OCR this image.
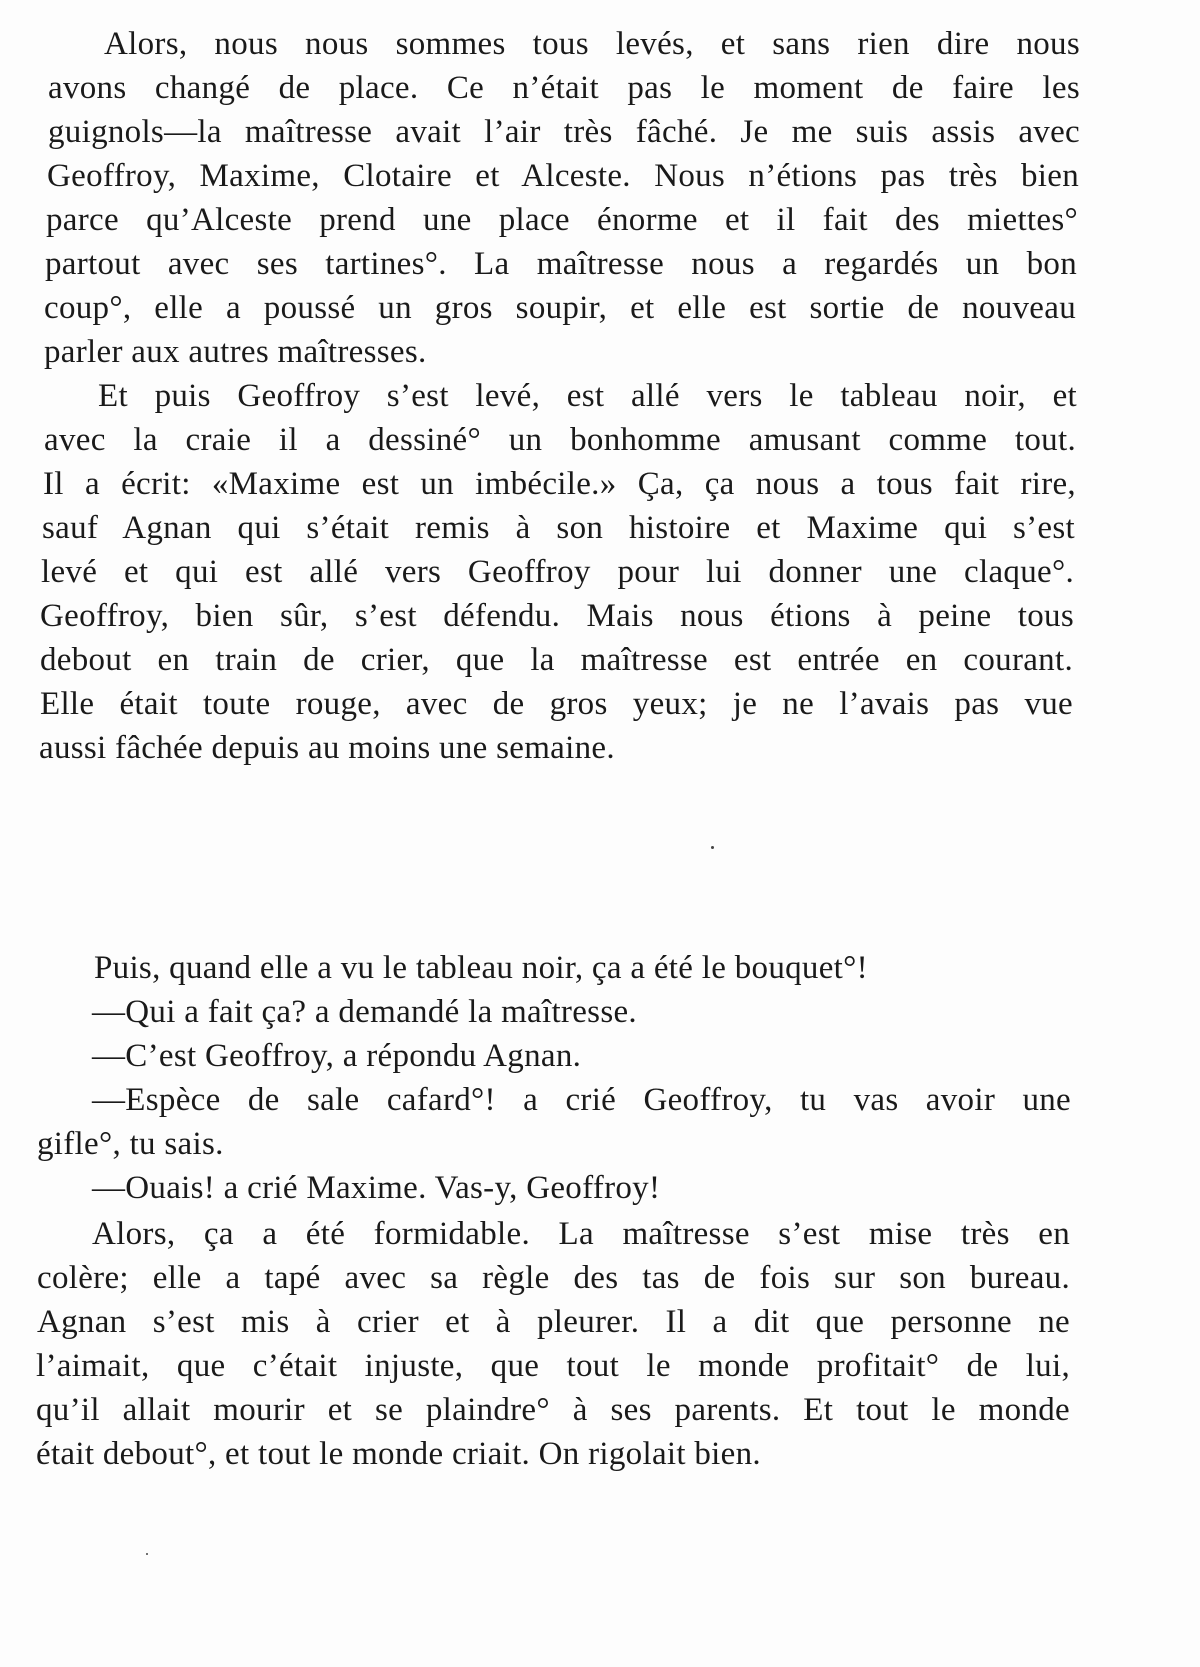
Alors, nous nous sommes tous levés, et sans rien dire nous
avons changé de place. Ce n’était pas le moment de faire les
guignols—la maîtresse avait l’air très fâché. Je me suis assis avec
Geoffroy, Maxime, Clotaire et Alceste. Nous n’étions pas très bien
parce qu’Alceste prend une place énorme et il fait des miettes°
partout avec ses tartines°. La maîtresse nous a regardés un bon
coup°, elle a poussé un gros soupir, et elle est sortie de nouveau
parler aux autres maîtresses.
Et puis Geoffroy s’est levé, est allé vers le tableau noir, et
avec la craie il a dessiné° un bonhomme amusant comme tout.
Il a écrit: «Maxime est un imbécile.» Ça, ça nous a tous fait rire,
sauf Agnan qui s’était remis à son histoire et Maxime qui s’est
levé et qui est allé vers Geoffroy pour lui donner une claque°.
Geoffroy, bien sûr, s’est défendu. Mais nous étions à peine tous
debout en train de crier, que la maîtresse est entrée en courant.
Elle était toute rouge, avec de gros yeux; je ne l’avais pas vue
aussi fâchée depuis au moins une semaine.
Puis, quand elle a vu le tableau noir, ça a été le bouquet°!
—Qui a fait ça? a demandé la maîtresse.
—C’est Geoffroy, a répondu Agnan.
—Espèce de sale cafard°! a crié Geoffroy, tu vas avoir une
gifle°, tu sais.
—Ouais! a crié Maxime. Vas-y, Geoffroy!
Alors, ça a été formidable. La maîtresse s’est mise très en
colère; elle a tapé avec sa règle des tas de fois sur son bureau.
Agnan s’est mis à crier et à pleurer. Il a dit que personne ne
l’aimait, que c’était injuste, que tout le monde profitait° de lui,
qu’il allait mourir et se plaindre° à ses parents. Et tout le monde
était debout°, et tout le monde criait. On rigolait bien.
